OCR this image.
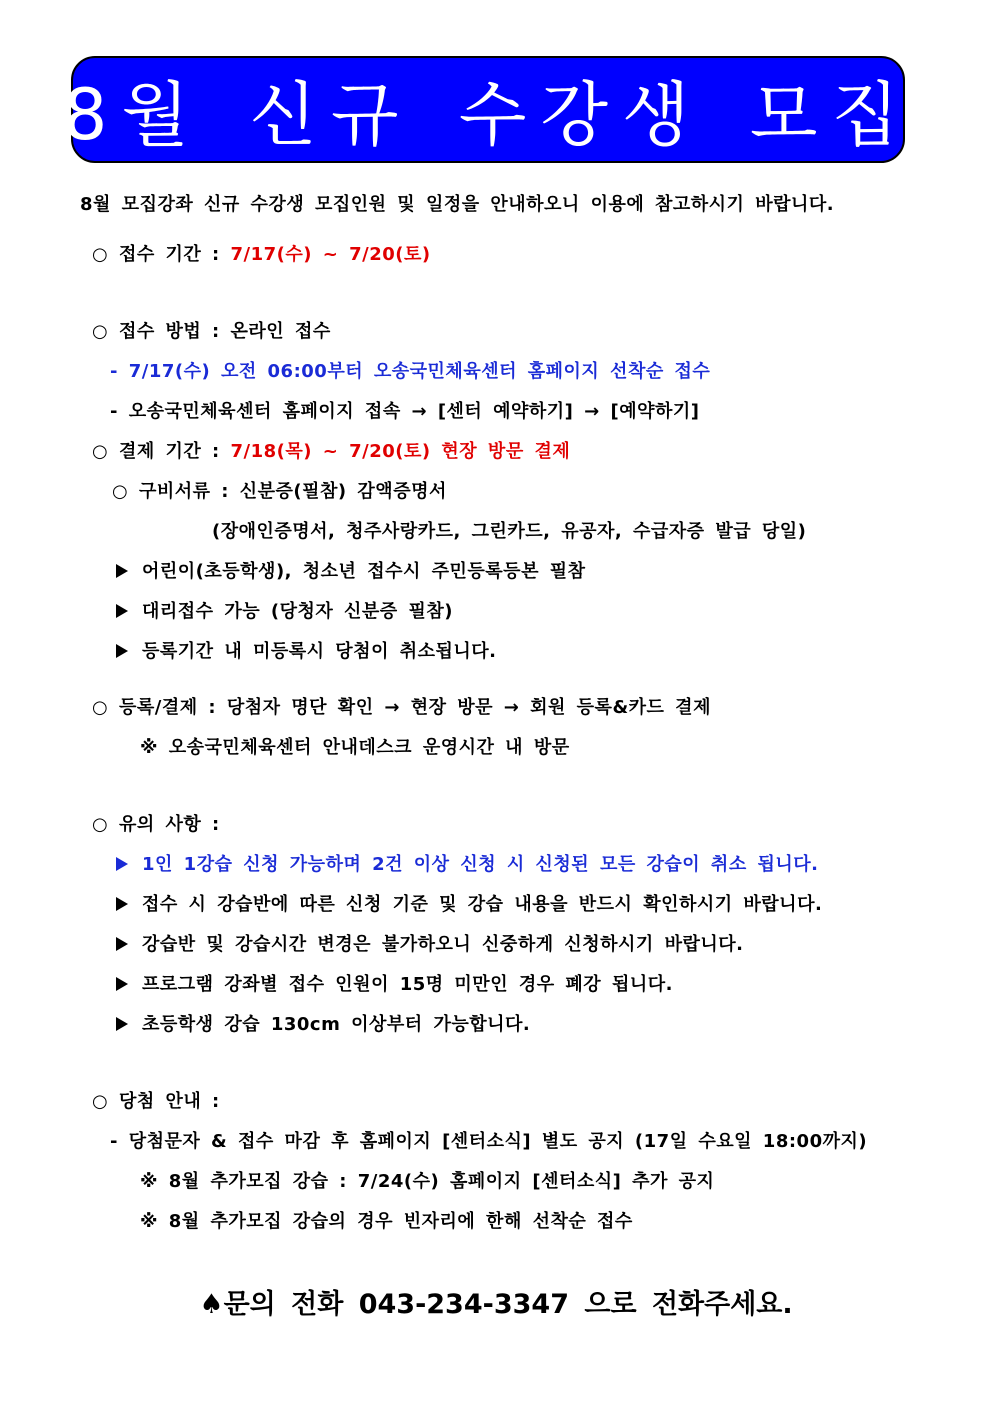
8월 신규 수강생 모집
8월 모집강좌 신규 수강생 모집인원 및 일정을 안내하오니 이용에 참고하시기 바랍니다.
○ 접수 기간 : 7/17(수) ~ 7/20(토)
○ 접수 방법 : 온라인 접수
- 7/17(수) 오전 06:00부터 오송국민체육센터 홈페이지 선착순 접수
- 오송국민체육센터 홈페이지 접속 → [센터 예약하기] → [예약하기]
○ 결제 기간 : 7/18(목) ~ 7/20(토) 현장 방문 결제
○ 구비서류 : 신분증(필참) 감액증명서
(장애인증명서, 청주사랑카드, 그린카드, 유공자, 수급자증 발급 당일)
어린이(초등학생), 청소년 접수시 주민등록등본 필참
대리접수 가능 (당청자 신분증 필참)
등록기간 내 미등록시 당첨이 취소됩니다.
○ 등록/결제 : 당첨자 명단 확인 → 현장 방문 → 회원 등록&카드 결제
※ 오송국민체육센터 안내데스크 운영시간 내 방문
○ 유의 사항 :
1인 1강습 신청 가능하며 2건 이상 신청 시 신청된 모든 강습이 취소 됩니다.
접수 시 강습반에 따른 신청 기준 및 강습 내용을 반드시 확인하시기 바랍니다.
강습반 및 강습시간 변경은 불가하오니 신중하게 신청하시기 바랍니다.
프로그램 강좌별 접수 인원이 15명 미만인 경우 폐강 됩니다.
초등학생 강습 130cm 이상부터 가능합니다.
○ 당첨 안내 :
- 당첨문자 & 접수 마감 후 홈페이지 [센터소식] 별도 공지 (17일 수요일 18:00까지)
※ 8월 추가모집 강습 : 7/24(수) 홈페이지 [센터소식] 추가 공지
※ 8월 추가모집 강습의 경우 빈자리에 한해 선착순 접수
♠문의 전화 043-234-3347 으로 전화주세요.
